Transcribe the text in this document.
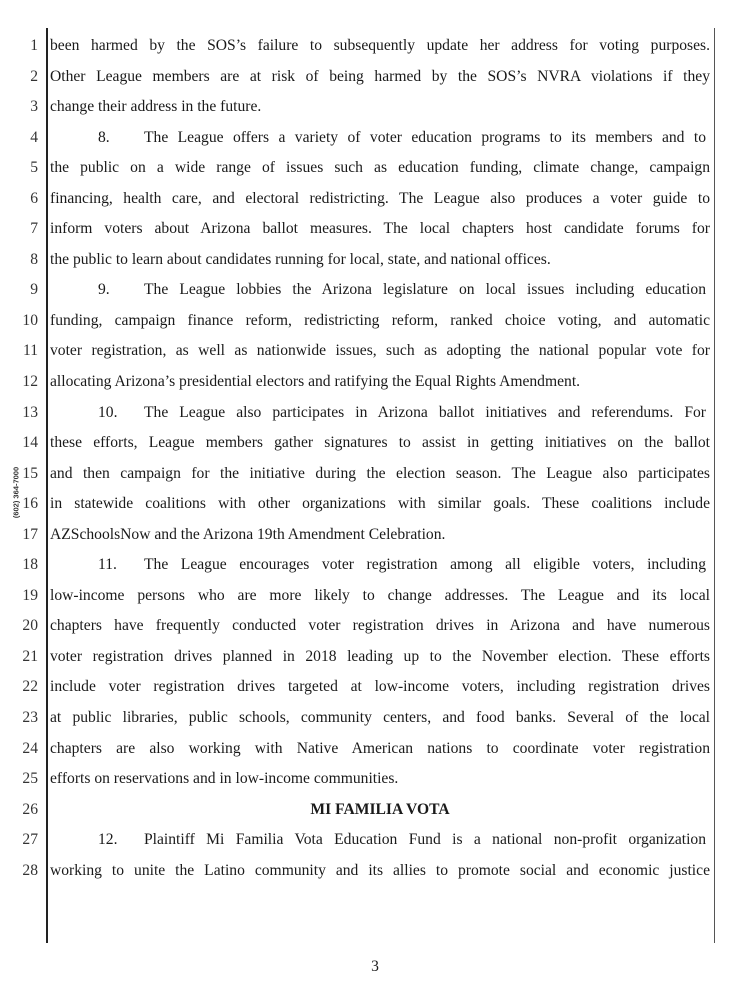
(602) 364-7000
1 been harmed by the SOS’s failure to subsequently update her address for voting purposes.
2 Other League members are at risk of being harmed by the SOS’s NVRA violations if they
3 change their address in the future.
4	8. The League offers a variety of voter education programs to its members and to
5 the public on a wide range of issues such as education funding, climate change, campaign
6 financing, health care, and electoral redistricting. The League also produces a voter guide to
7 inform voters about Arizona ballot measures. The local chapters host candidate forums for
8 the public to learn about candidates running for local, state, and national offices.
9	9. The League lobbies the Arizona legislature on local issues including education
10 funding, campaign finance reform, redistricting reform, ranked choice voting, and automatic
11 voter registration, as well as nationwide issues, such as adopting the national popular vote for
12 allocating Arizona’s presidential electors and ratifying the Equal Rights Amendment.
13	10. The League also participates in Arizona ballot initiatives and referendums. For
14 these efforts, League members gather signatures to assist in getting initiatives on the ballot
15 and then campaign for the initiative during the election season. The League also participates
16 in statewide coalitions with other organizations with similar goals. These coalitions include
17 AZSchoolsNow and the Arizona 19th Amendment Celebration.
18	11. The League encourages voter registration among all eligible voters, including
19 low-income persons who are more likely to change addresses. The League and its local
20 chapters have frequently conducted voter registration drives in Arizona and have numerous
21 voter registration drives planned in 2018 leading up to the November election. These efforts
22 include voter registration drives targeted at low-income voters, including registration drives
23 at public libraries, public schools, community centers, and food banks. Several of the local
24 chapters are also working with Native American nations to coordinate voter registration
25 efforts on reservations and in low-income communities.
26	MI FAMILIA VOTA
27	12. Plaintiff Mi Familia Vota Education Fund is a national non-profit organization
28 working to unite the Latino community and its allies to promote social and economic justice
3
